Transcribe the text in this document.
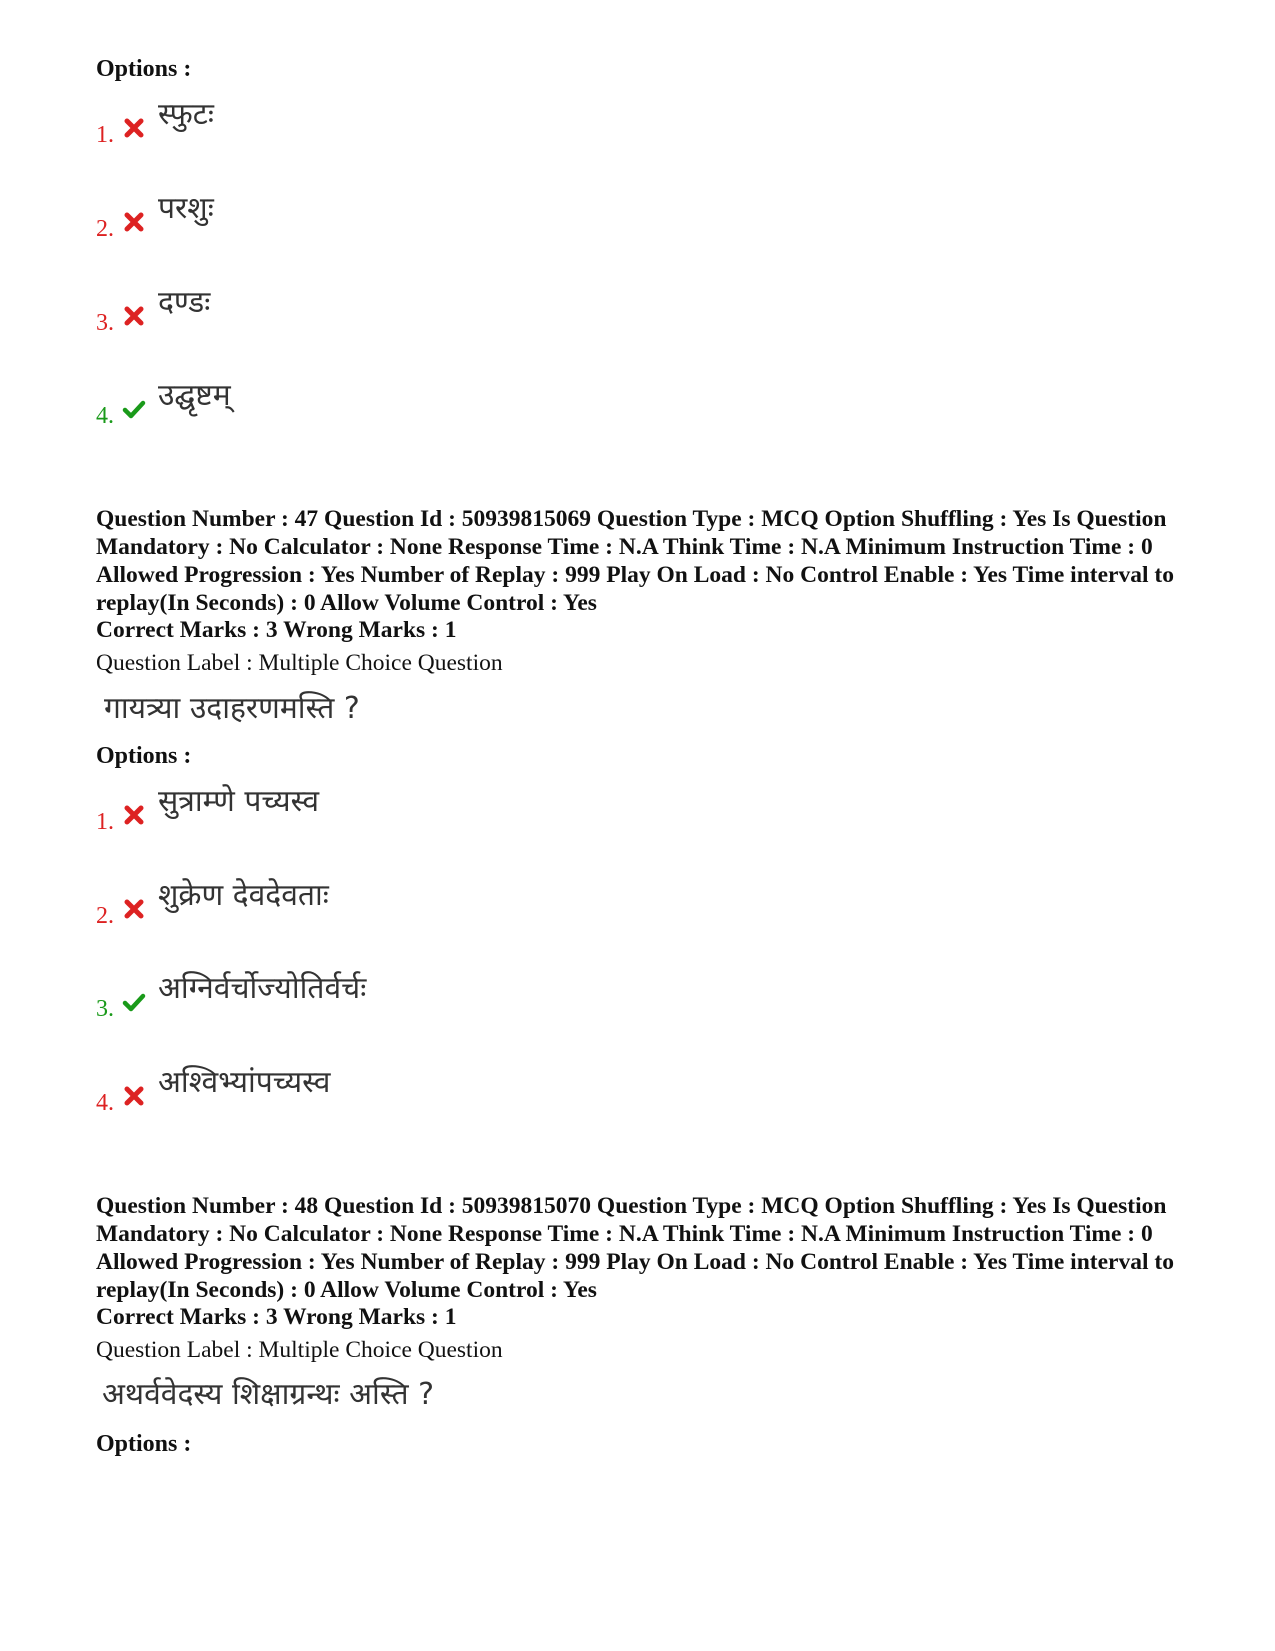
Options :
1.
स्फुटः
2.
परशुः
3.
दण्डः
4.
उद्घृष्टम्
Question Number : 47 Question Id : 50939815069 Question Type : MCQ Option Shuffling : Yes Is Question Mandatory : No Calculator : None Response Time : N.A Think Time : N.A Minimum Instruction Time : 0 Allowed Progression : Yes Number of Replay : 999 Play On Load : No Control Enable : Yes Time interval to replay(In Seconds) : 0 Allow Volume Control : Yes
Correct Marks : 3 Wrong Marks : 1
Question Label : Multiple Choice Question
गायत्र्या उदाहरणमस्ति ?
Options :
1.
सुत्राम्णे पच्यस्व
2.
शुक्रेण देवदेवताः
3.
अग्निर्वर्चोज्योतिर्वर्चः
4.
अश्विभ्यांपच्यस्व
Question Number : 48 Question Id : 50939815070 Question Type : MCQ Option Shuffling : Yes Is Question Mandatory : No Calculator : None Response Time : N.A Think Time : N.A Minimum Instruction Time : 0 Allowed Progression : Yes Number of Replay : 999 Play On Load : No Control Enable : Yes Time interval to replay(In Seconds) : 0 Allow Volume Control : Yes
Correct Marks : 3 Wrong Marks : 1
Question Label : Multiple Choice Question
अथर्ववेदस्य शिक्षाग्रन्थः अस्ति ?
Options :
